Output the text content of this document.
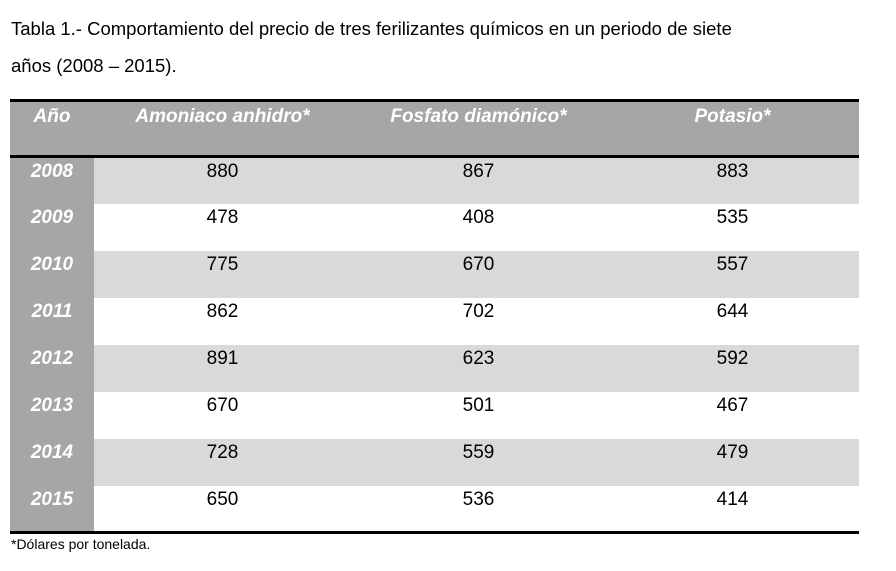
Tabla 1.- Comportamiento del precio de tres ferilizantes químicos en un periodo de siete
años (2008 – 2015).
Año	Amoniaco anhidro*	Fosfato diamónico*	Potasio*
2008	880	867	883
2009	478	408	535
2010	775	670	557
2011	862	702	644
2012	891	623	592
2013	670	501	467
2014	728	559	479
2015	650	536	414
*Dólares por tonelada.
